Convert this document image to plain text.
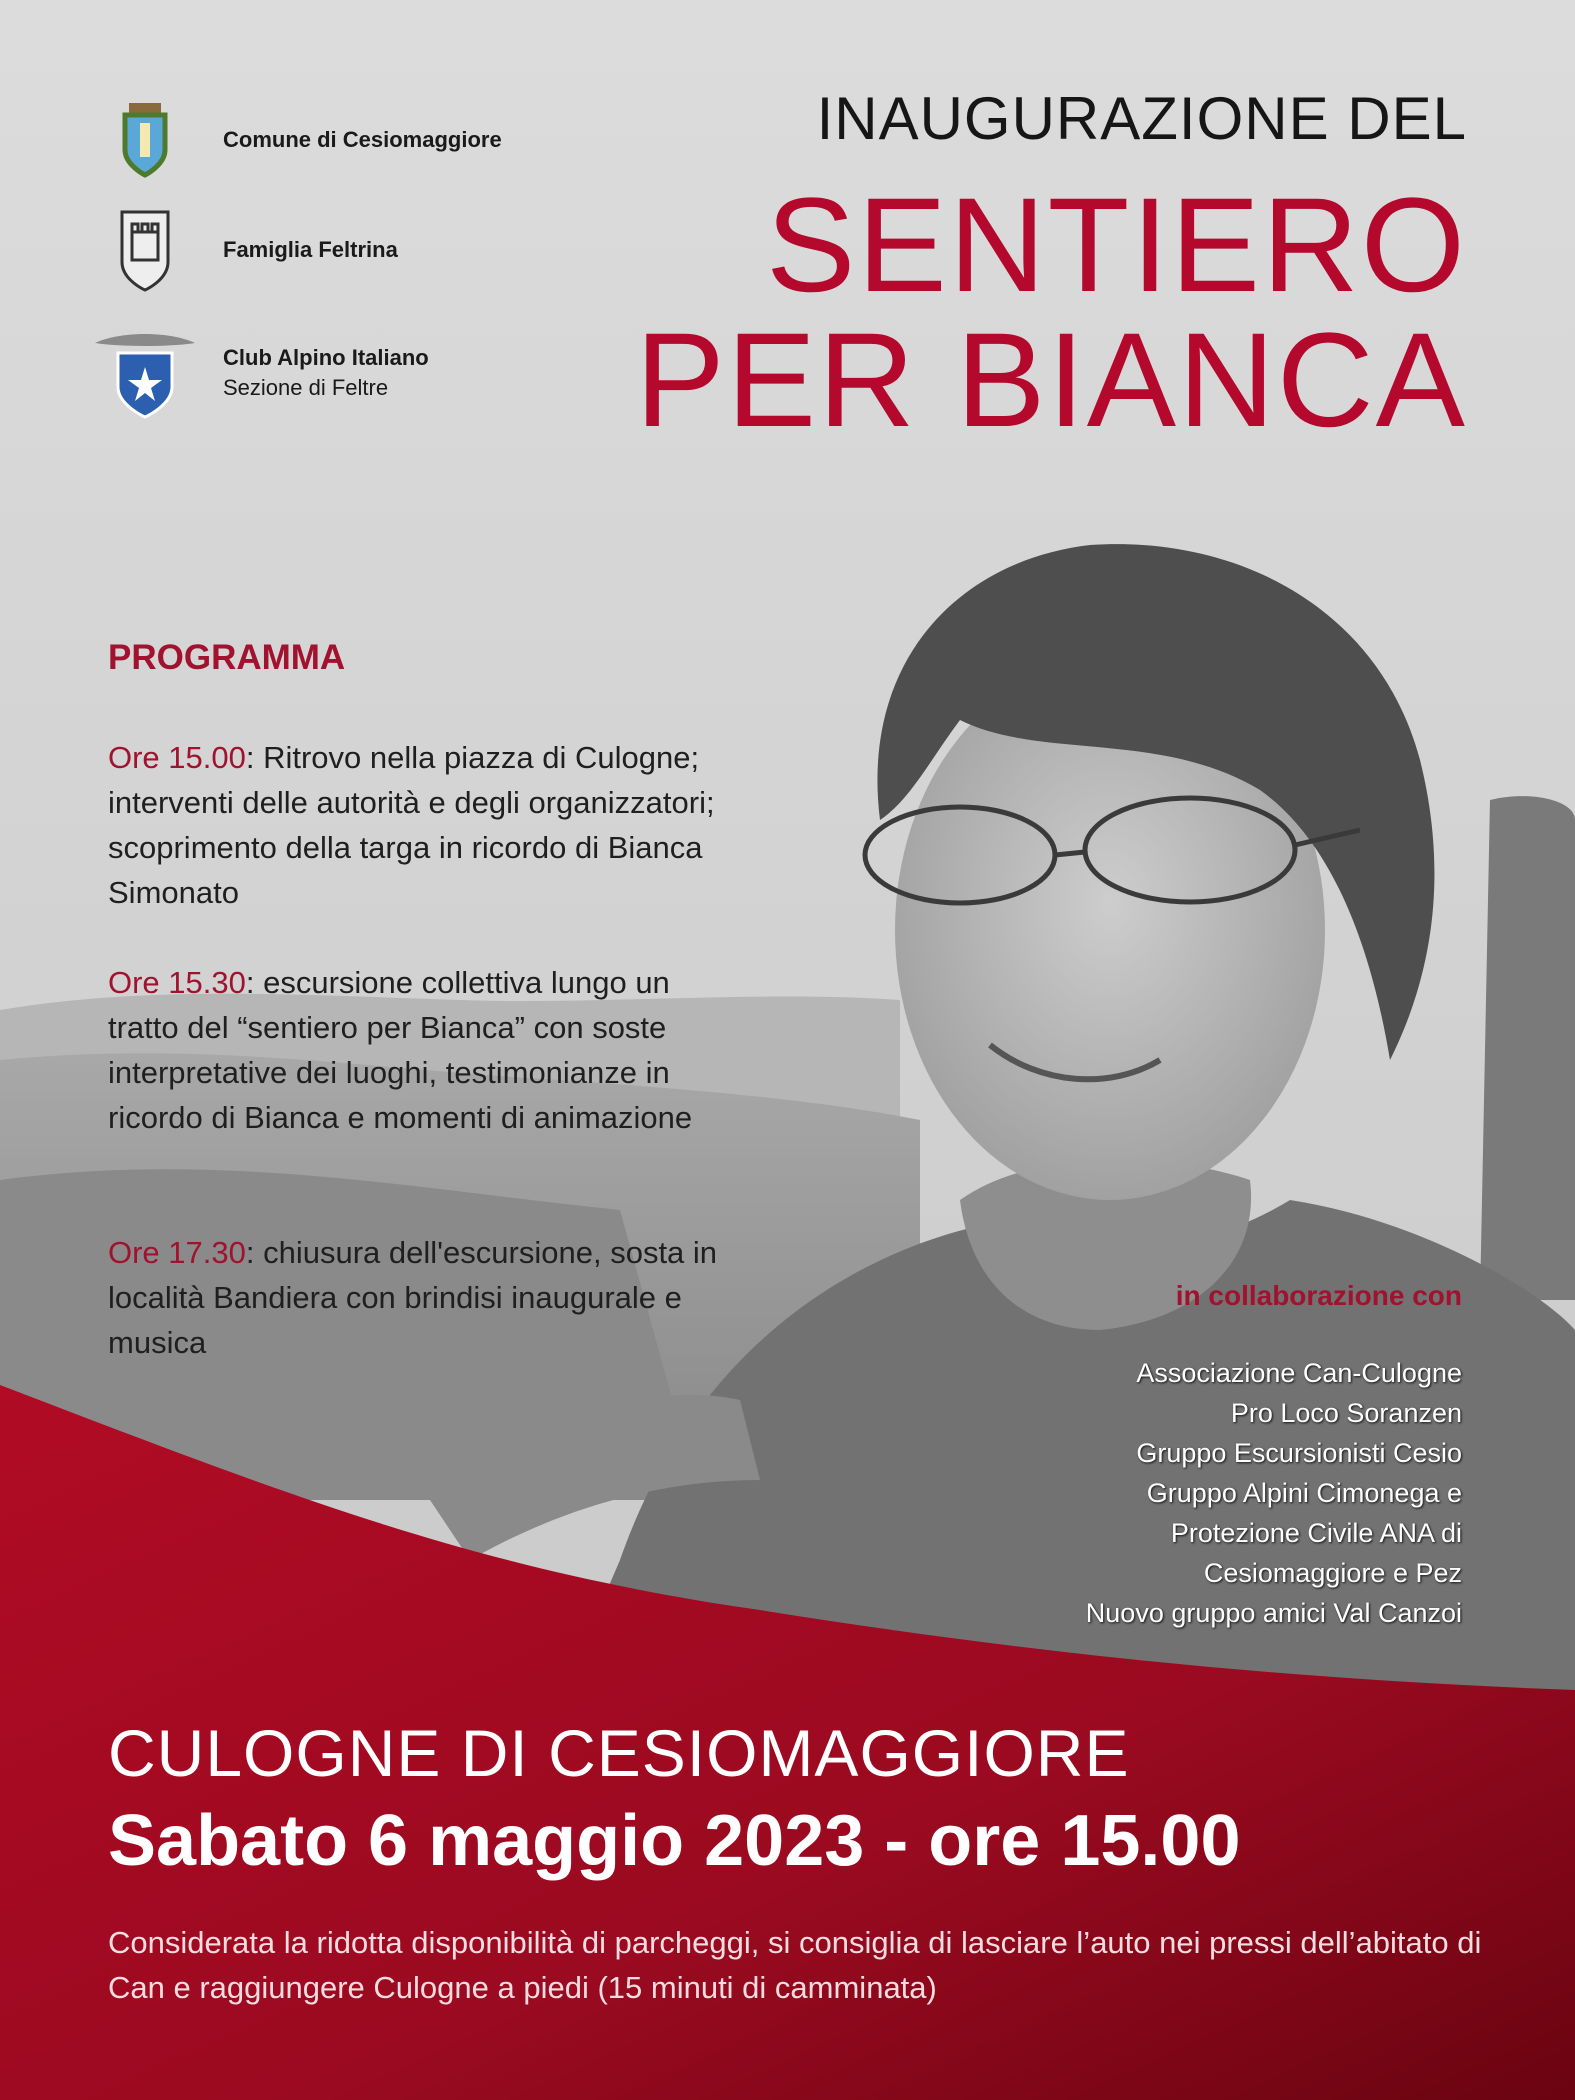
Comune di Cesiomaggiore
Famiglia Feltrina
Club Alpino Italiano
Sezione di Feltre
INAUGURAZIONE DEL
SENTIERO
PER BIANCA
PROGRAMMA
Ore 15.00: Ritrovo nella piazza di Culogne; interventi delle autorità e degli organizzatori; scoprimento della targa in ricordo di Bianca Simonato
Ore 15.30: escursione collettiva lungo un tratto del “sentiero per Bianca” con soste interpretative dei luoghi, testimonianze in ricordo di Bianca e momenti di animazione
Ore 17.30: chiusura dell'escursione, sosta in località Bandiera con brindisi inaugurale e musica
in collaborazione con
Associazione Can-Culogne
Pro Loco Soranzen
Gruppo Escursionisti Cesio
Gruppo Alpini Cimonega e
Protezione Civile ANA di
Cesiomaggiore e Pez
Nuovo gruppo amici Val Canzoi
CULOGNE DI CESIOMAGGIORE
Sabato 6 maggio 2023 - ore 15.00
Considerata la ridotta disponibilità di parcheggi, si consiglia di lasciare l’auto nei pressi dell’abitato di Can e raggiungere Culogne a piedi (15 minuti di camminata)
